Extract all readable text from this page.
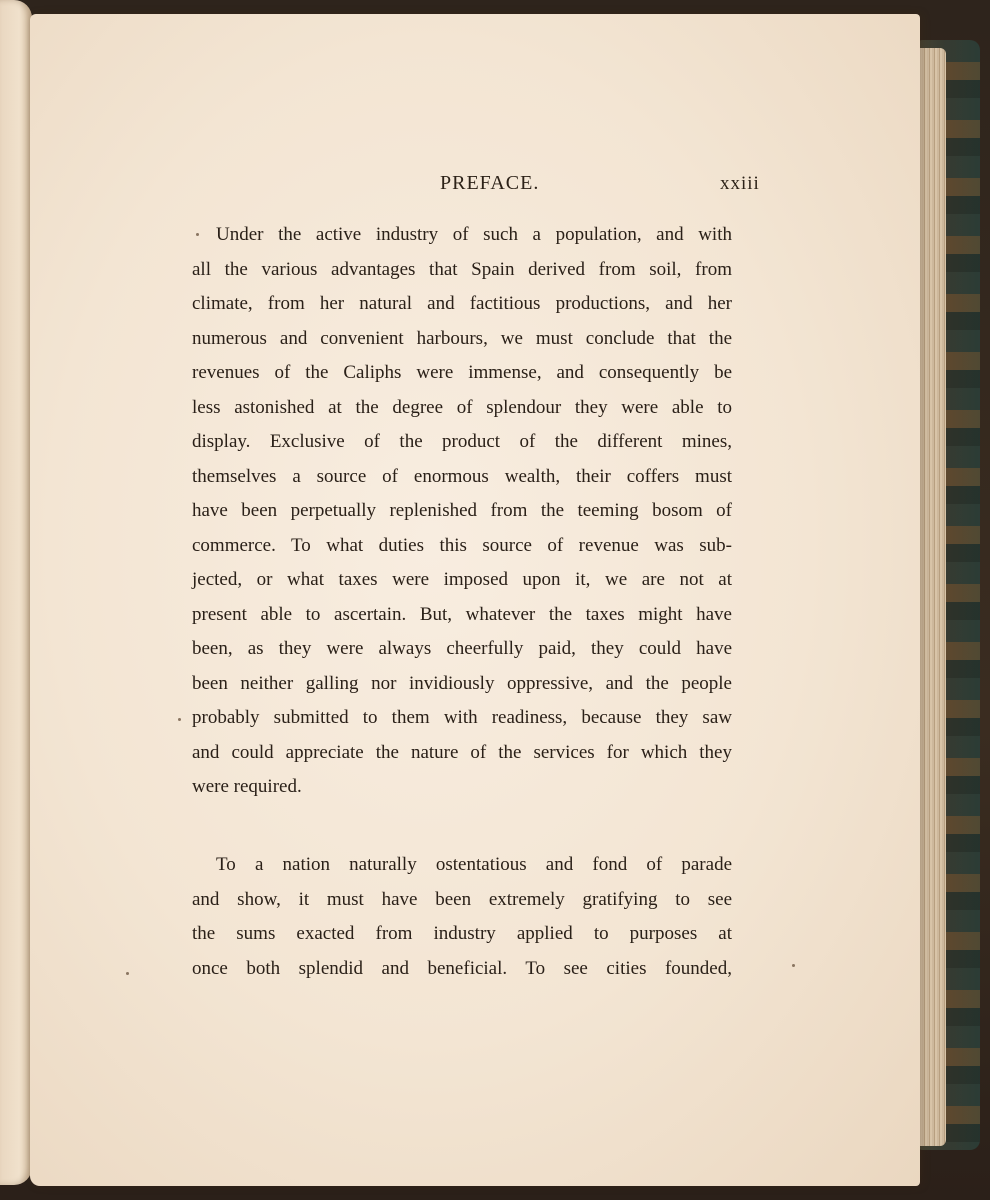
PREFACE.	xxiii
Under the active industry of such a population, and with
all the various advantages that Spain derived from soil, from
climate, from her natural and factitious productions, and her
numerous and convenient harbours, we must conclude that the
revenues of the Caliphs were immense, and consequently be
less astonished at the degree of splendour they were able to
display. Exclusive of the product of the different mines,
themselves a source of enormous wealth, their coffers must
have been perpetually replenished from the teeming bosom of
commerce. To what duties this source of revenue was sub-
jected, or what taxes were imposed upon it, we are not at
present able to ascertain. But, whatever the taxes might have
been, as they were always cheerfully paid, they could have
been neither galling nor invidiously oppressive, and the people
probably submitted to them with readiness, because they saw
and could appreciate the nature of the services for which they
were required.
To a nation naturally ostentatious and fond of parade
and show, it must have been extremely gratifying to see
the sums exacted from industry applied to purposes at
once both splendid and beneficial. To see cities founded,
